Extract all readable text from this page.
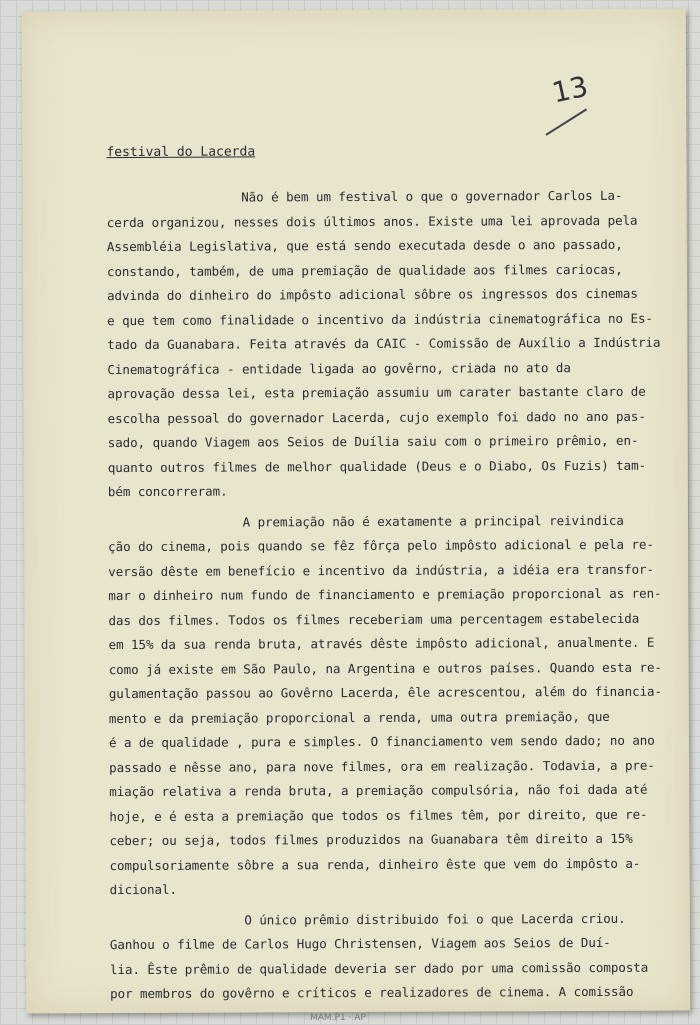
13
festival do Lacerda
Não é bem um festival o que o governador Carlos La-
cerda organizou, nesses dois últimos anos. Existe uma lei aprovada pela
Assembléia Legislativa, que está sendo executada desde o ano passado,
constando, também, de uma premiação de qualidade aos filmes cariocas,
advinda do dinheiro do impôsto adicional sôbre os ingressos dos cinemas
e que tem como finalidade o incentivo da indústria cinematográfica no Es-
tado da Guanabara. Feita através da CAIC - Comissão de Auxílio a Indústria
Cinematográfica - entidade ligada ao govêrno, criada no ato da
aprovação dessa lei, esta premiação assumiu um carater bastante claro de
escolha pessoal do governador Lacerda, cujo exemplo foi dado no ano pas-
sado, quando Viagem aos Seios de Duília saiu com o primeiro prêmio, en-
quanto outros filmes de melhor qualidade (Deus e o Diabo, Os Fuzis) tam-
bém concorreram.
A premiação não é exatamente a principal reivindica
ção do cinema, pois quando se fêz fôrça pelo impôsto adicional e pela re-
versão dêste em benefício e incentivo da indústria, a idéia era transfor-
mar o dinheiro num fundo de financiamento e premiação proporcional as ren-
das dos filmes. Todos os filmes receberiam uma percentagem estabelecida
em 15% da sua renda bruta, através dêste impôsto adicional, anualmente. E
como já existe em São Paulo, na Argentina e outros países. Quando esta re-
gulamentação passou ao Govêrno Lacerda, êle acrescentou, além do financia-
mento e da premiação proporcional a renda, uma outra premiação, que
é a de qualidade , pura e simples. O financiamento vem sendo dado; no ano
passado e nêsse ano, para nove filmes, ora em realização. Todavia, a pre-
miação relativa a renda bruta, a premiação compulsória, não foi dada até
hoje, e é esta a premiação que todos os filmes têm, por direito, que re-
ceber; ou seja, todos filmes produzidos na Guanabara têm direito a 15%
compulsoriamente sôbre a sua renda, dinheiro êste que vem do impôsto a-
dicional.
O único prêmio distribuido foi o que Lacerda criou.
Ganhou o filme de Carlos Hugo Christensen, Viagem aos Seios de Duí-
lia. Êste prêmio de qualidade deveria ser dado por uma comissão composta
por membros do govêrno e críticos e realizadores de cinema. A comissão
MAM.P1 · AP
